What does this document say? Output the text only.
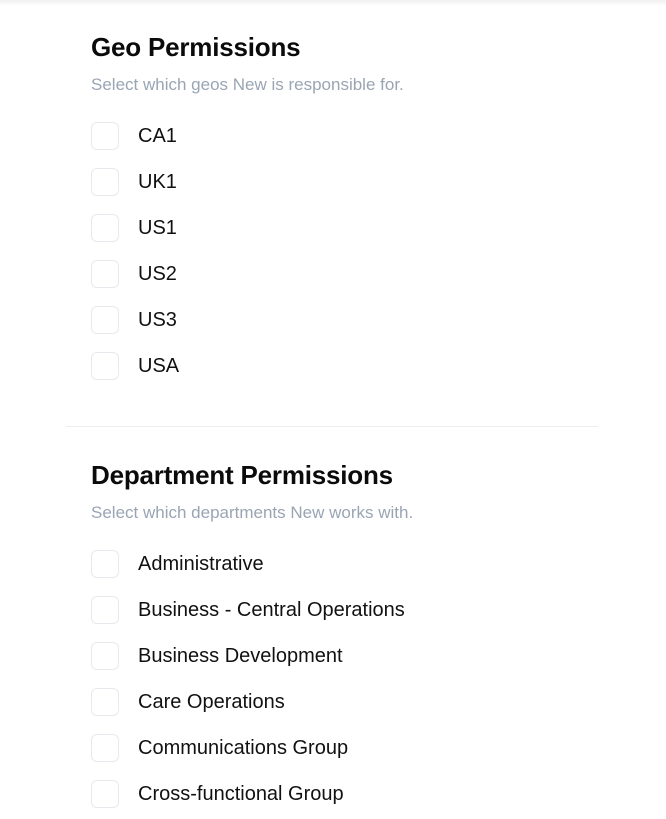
Geo Permissions

Select which geos New is responsible for.

CA1
UK1
US1
US2
US3
USA
Department Permissions

Select which departments New works with.

Administrative
Business - Central Operations
Business Development
Care Operations
Communications Group
Cross-functional Group
